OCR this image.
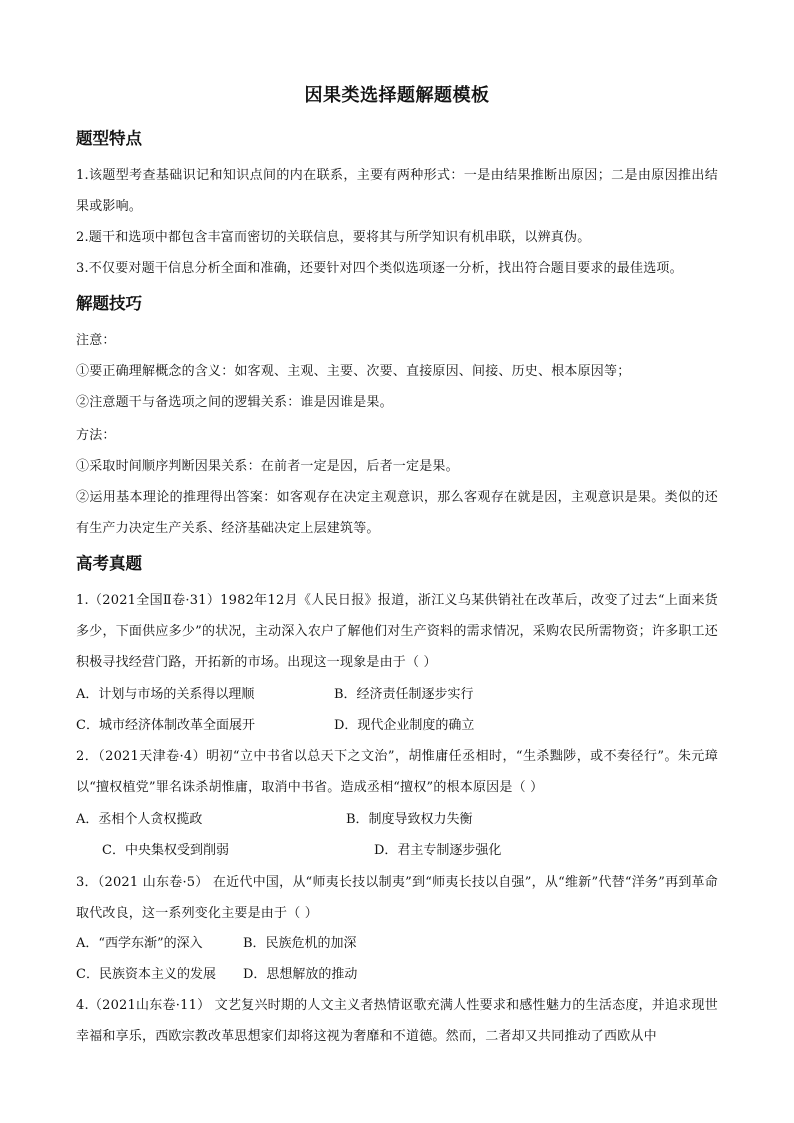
因果类选择题解题模板
题型特点
1.该题型考查基础识记和知识点间的内在联系，主要有两种形式：一是由结果推断出原因；二是由原因推出结果或影响。
2.题干和选项中都包含丰富而密切的关联信息，要将其与所学知识有机串联，以辨真伪。
3.不仅要对题干信息分析全面和准确，还要针对四个类似选项逐一分析，找出符合题目要求的最佳选项。
解题技巧
注意：
①要正确理解概念的含义：如客观、主观、主要、次要、直接原因、间接、历史、根本原因等；
②注意题干与备选项之间的逻辑关系：谁是因谁是果。
方法：
①采取时间顺序判断因果关系：在前者一定是因，后者一定是果。
②运用基本理论的推理得出答案：如客观存在决定主观意识，那么客观存在就是因，主观意识是果。类似的还有生产力决定生产关系、经济基础决定上层建筑等。
高考真题
1.（2021全国Ⅱ卷·31）1982年12月《人民日报》报道，浙江义乌某供销社在改革后，改变了过去“上面来货多少，下面供应多少”的状况，主动深入农户了解他们对生产资料的需求情况，采购农民所需物资；许多职工还积极寻找经营门路，开拓新的市场。出现这一现象是由于（ ）
A．计划与市场的关系得以理顺	B．经济责任制逐步实行
C．城市经济体制改革全面展开	D．现代企业制度的确立
2．（2021天津卷·4）明初“立中书省以总天下之文治”，胡惟庸任丞相时，“生杀黜陟，或不奏径行”。朱元璋以“擅权植党”罪名诛杀胡惟庸，取消中书省。造成丞相“擅权”的根本原因是（ ）
A．丞相个人贪权揽政	B．制度导致权力失衡
C．中央集权受到削弱	D．君主专制逐步强化
3．（2021 山东卷·5） 在近代中国，从“师夷长技以制夷”到“师夷长技以自强”，从“维新”代替“洋务”再到革命取代改良，这一系列变化主要是由于（ ）
A．“西学东渐”的深入	B．民族危机的加深
C．民族资本主义的发展 D．思想解放的推动
4.（2021山东卷·11） 文艺复兴时期的人文主义者热情讴歌充满人性要求和感性魅力的生活态度，并追求现世幸福和享乐，西欧宗教改革思想家们却将这视为奢靡和不道德。然而，二者却又共同推动了西欧从中
